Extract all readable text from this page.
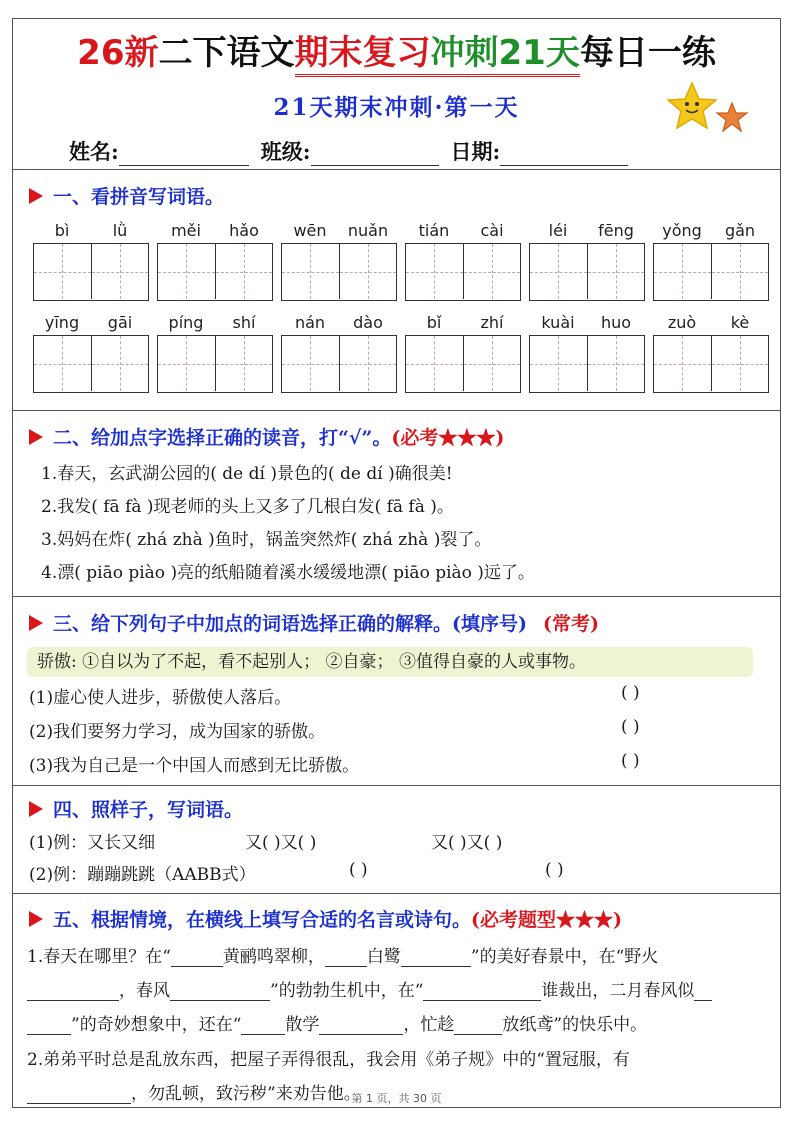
26新二下语文期末复习冲刺21天每日一练
21天期末冲刺·第一天
姓名:	班级:	日期:
一、看拼音写词语。
bì	lǜ	měi	hǎo	wēn	nuǎn	tián	cài	léi	fēng	yǒng	gǎn
yīng	gāi	píng	shí	nán	dào	bǐ	zhí	kuài	huo	zuò	kè
二、给加点字选择正确的读音，打“√”。 (必考★★★)
1.春天，玄武湖公园的( de dí )景色的( de dí )确很美!
2.我发( fā fà )现老师的头上又多了几根白发( fā fà )。
3.妈妈在炸( zhá zhà )鱼时，锅盖突然炸( zhá zhà )裂了。
4.漂( piāo piào )亮的纸船随着溪水缓缓地漂( piāo piào )远了。
三、给下列句子中加点的词语选择正确的解释。(填序号) (常考)
骄傲: ①自以为了不起，看不起别人； ②自豪； ③值得自豪的人或事物。
(1)虚心使人进步，骄傲使人落后。	( )
(2)我们要努力学习，成为国家的骄傲。	( )
(3)我为自己是一个中国人而感到无比骄傲。	( )
四、照样子，写词语。
(1)例：又长又细	又( )又( )	又( )又( )
(2)例：蹦蹦跳跳（AABB式）	( )	( )
五、根据情境，在横线上填写合适的名言或诗句。 (必考题型★★★)
1.春天在哪里？在“	黄鹂鸣翠柳， 白鹭	”的美好春景中，在“野火
，春风	”的勃勃生机中，在“	谁裁出，二月春风似
”的奇妙想象中，还在“	散学	，忙趁	放纸鸢”的快乐中。
2.弟弟平时总是乱放东西，把屋子弄得很乱，我会用《弟子规》中的“置冠服，有
，勿乱顿，致污秽”来劝告他。
第 1 页，共 30 页
